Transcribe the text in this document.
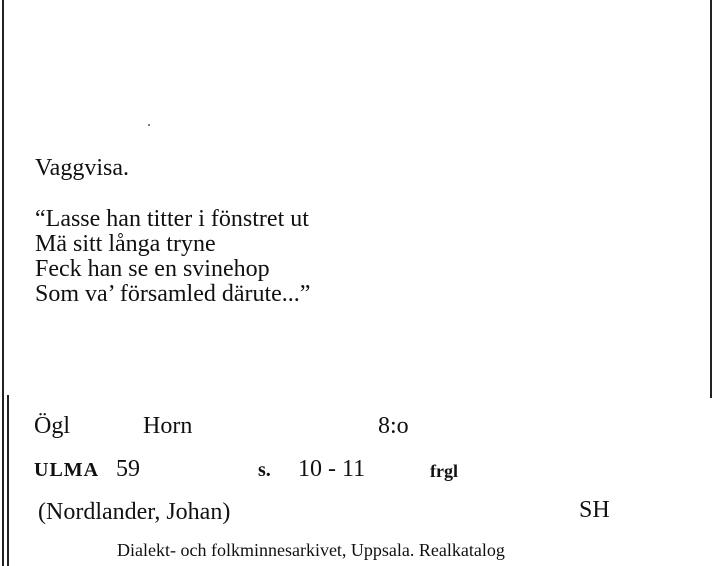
Vaggvisa.
“Lasse han titter i fönstret ut
Mä sitt långa tryne
Feck han se en svinehop
Som va’ församled därute...”
Ögl	Horn	8:o
ULMA 59	s. 10 - 11	frgl
(Nordlander, Johan)	SH
Dialekt- och folkminnesarkivet, Uppsala. Realkatalog
